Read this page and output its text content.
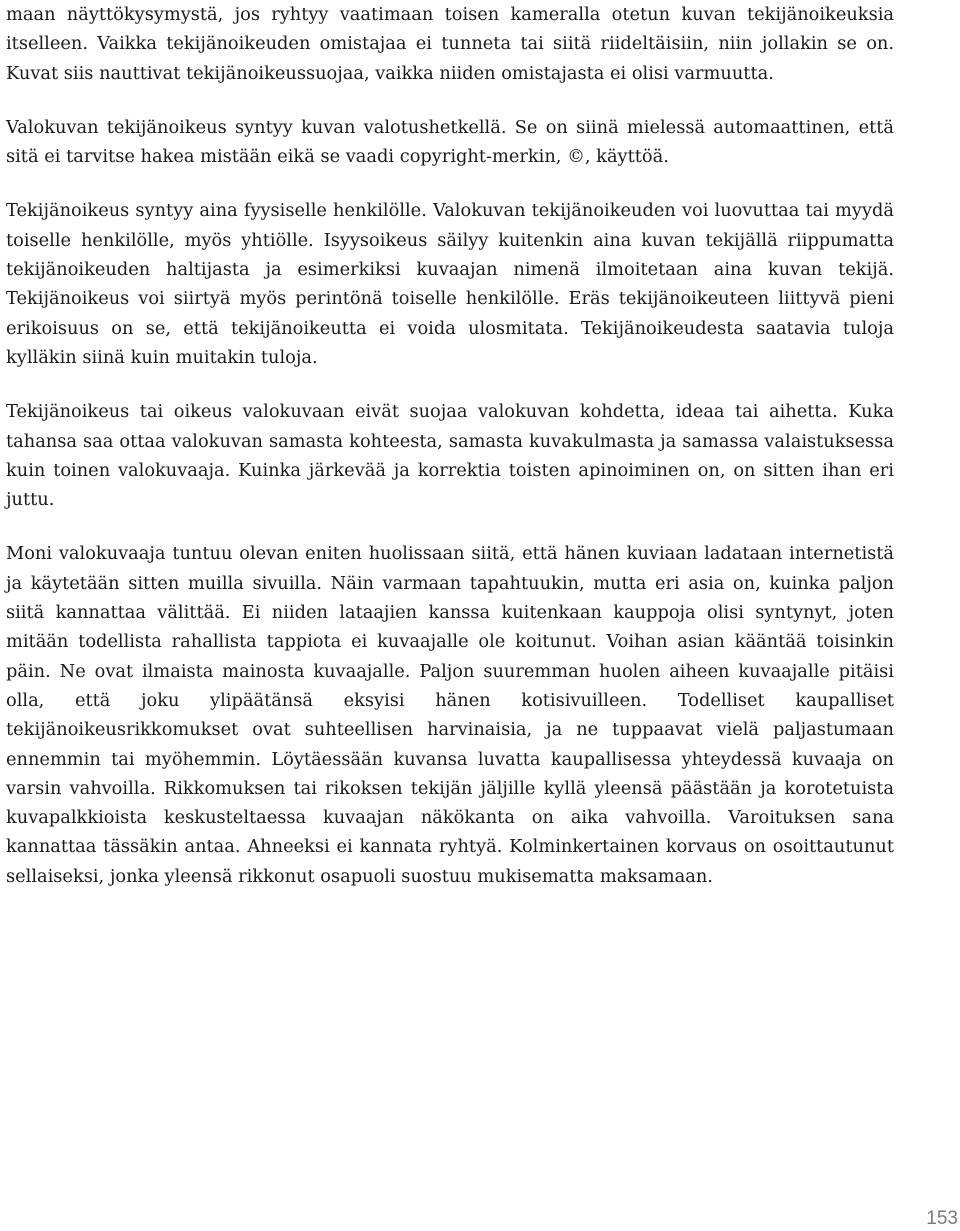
maan näyttökysymystä, jos ryhtyy vaatimaan toisen kameralla otetun kuvan tekijänoikeuksia itselleen. Vaikka tekijänoikeuden omistajaa ei tunneta tai siitä riideltäisiin, niin jollakin se on. Kuvat siis nauttivat tekijänoikeussuojaa, vaikka niiden omistajasta ei olisi varmuutta.

Valokuvan tekijänoikeus syntyy kuvan valotushetkellä. Se on siinä mielessä automaattinen, että sitä ei tarvitse hakea mistään eikä se vaadi copyright-merkin, ©, käyttöä.

Tekijänoikeus syntyy aina fyysiselle henkilölle. Valokuvan tekijänoikeuden voi luovuttaa tai myydä toiselle henkilölle, myös yhtiölle. Isyysoikeus säilyy kuitenkin aina kuvan tekijällä riippumatta tekijänoikeuden haltijasta ja esimerkiksi kuvaajan nimenä ilmoitetaan aina kuvan tekijä. Tekijänoikeus voi siirtyä myös perintönä toiselle henkilölle. Eräs tekijänoikeuteen liittyvä pieni erikoisuus on se, että tekijänoikeutta ei voida ulosmitata. Tekijänoikeudesta saatavia tuloja kylläkin siinä kuin muitakin tuloja.

Tekijänoikeus tai oikeus valokuvaan eivät suojaa valokuvan kohdetta, ideaa tai aihetta. Kuka tahansa saa ottaa valokuvan samasta kohteesta, samasta kuvakulmasta ja samassa valaistuksessa kuin toinen valokuvaaja. Kuinka järkevää ja korrektia toisten apinoiminen on, on sitten ihan eri juttu.

Moni valokuvaaja tuntuu olevan eniten huolissaan siitä, että hänen kuviaan ladataan internetistä ja käytetään sitten muilla sivuilla. Näin varmaan tapahtuukin, mutta eri asia on, kuinka paljon siitä kannattaa välittää. Ei niiden lataajien kanssa kuitenkaan kauppoja olisi syntynyt, joten mitään todellista rahallista tappiota ei kuvaajalle ole koitunut. Voihan asian kääntää toisinkin päin. Ne ovat ilmaista mainosta kuvaajalle. Paljon suuremman huolen aiheen kuvaajalle pitäisi olla, että joku ylipäätänsä eksyisi hänen kotisivuilleen. Todelliset kaupalliset tekijänoikeusrikkomukset ovat suhteellisen harvinaisia, ja ne tuppaavat vielä paljastumaan ennemmin tai myöhemmin. Löytäessään kuvansa luvatta kaupallisessa yhteydessä kuvaaja on varsin vahvoilla. Rikkomuksen tai rikoksen tekijän jäljille kyllä yleensä päästään ja korotetuista kuvapalkkioista keskusteltaessa kuvaajan näkökanta on aika vahvoilla. Varoituksen sana kannattaa tässäkin antaa. Ahneeksi ei kannata ryhtyä. Kolminkertainen korvaus on osoittautunut sellaiseksi, jonka yleensä rikkonut osapuoli suostuu mukisematta maksamaan.

153
